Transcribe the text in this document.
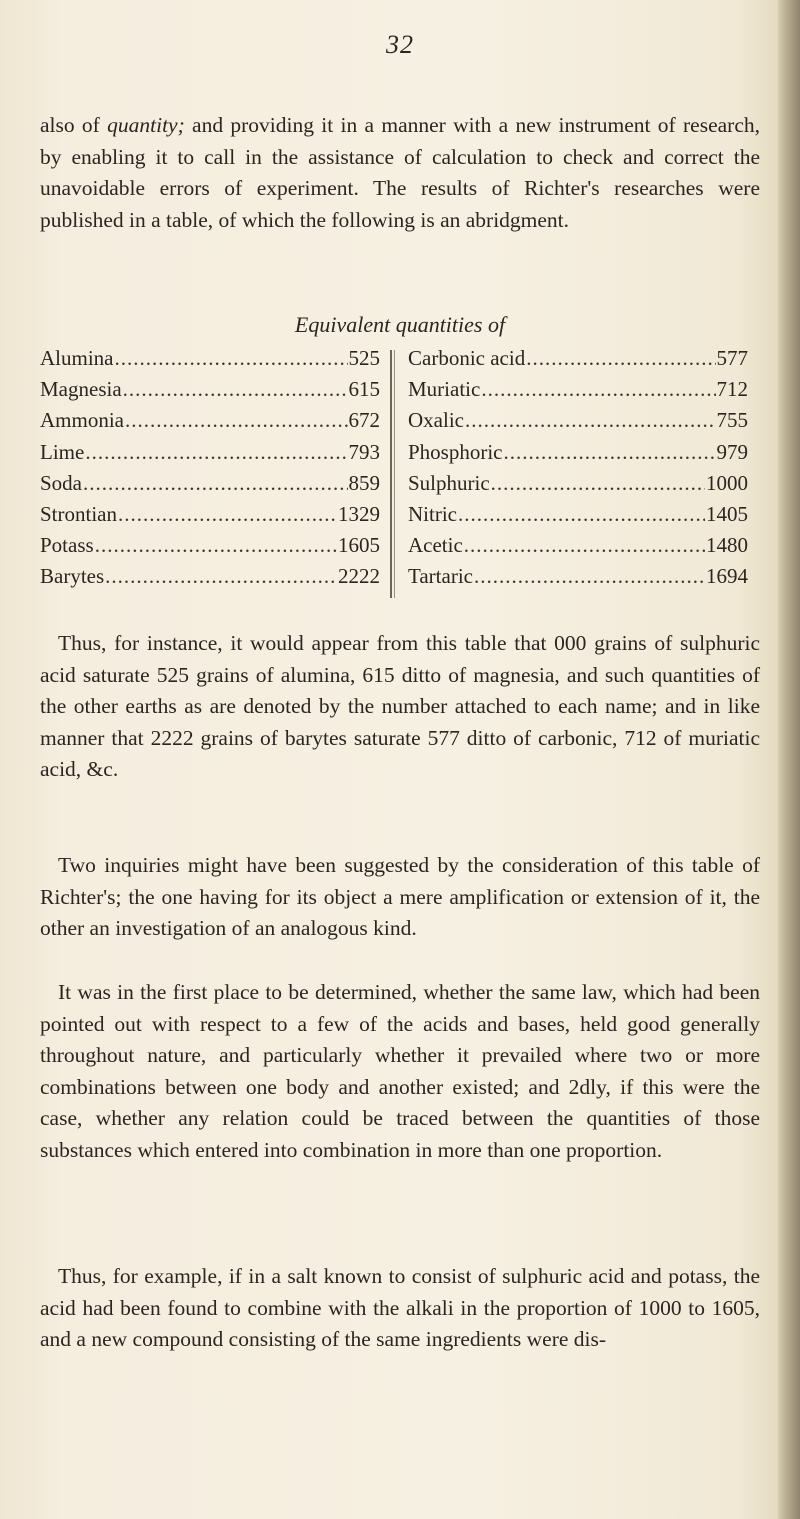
32

also of quantity; and providing it in a manner with a new instrument of research, by enabling it to call in the assistance of calculation to check and correct the unavoidable errors of experiment. The results of Richter's researches were published in a table, of which the following is an abridgment.

Equivalent quantities of
Alumina .....	525
Magnesia .....	615
Ammonia .....	672
Lime .....	793
Soda .....	859
Strontian .....	1329
Potass .....	1605
Barytes .....	2222
Carbonic acid .....	577
Muriatic .....	712
Oxalic .....	755
Phosphoric .....	979
Sulphuric .....	1000
Nitric .....	1405
Acetic .....	1480
Tartaric .....	1694

Thus, for instance, it would appear from this table that 000 grains of sulphuric acid saturate 525 grains of alumina, 615 ditto of magnesia, and such quantities of the other earths as are denoted by the number attached to each name; and in like manner that 2222 grains of barytes saturate 577 ditto of carbonic, 712 of muriatic acid, &c.

Two inquiries might have been suggested by the consideration of this table of Richter's; the one having for its object a mere amplification or extension of it, the other an investigation of an analogous kind.

It was in the first place to be determined, whether the same law, which had been pointed out with respect to a few of the acids and bases, held good generally throughout nature, and particularly whether it prevailed where two or more combinations between one body and another existed; and 2dly, if this were the case, whether any relation could be traced between the quantities of those substances which entered into combination in more than one proportion.

Thus, for example, if in a salt known to consist of sulphuric acid and potass, the acid had been found to combine with the alkali in the proportion of 1000 to 1605, and a new compound consisting of the same ingredients were dis-
